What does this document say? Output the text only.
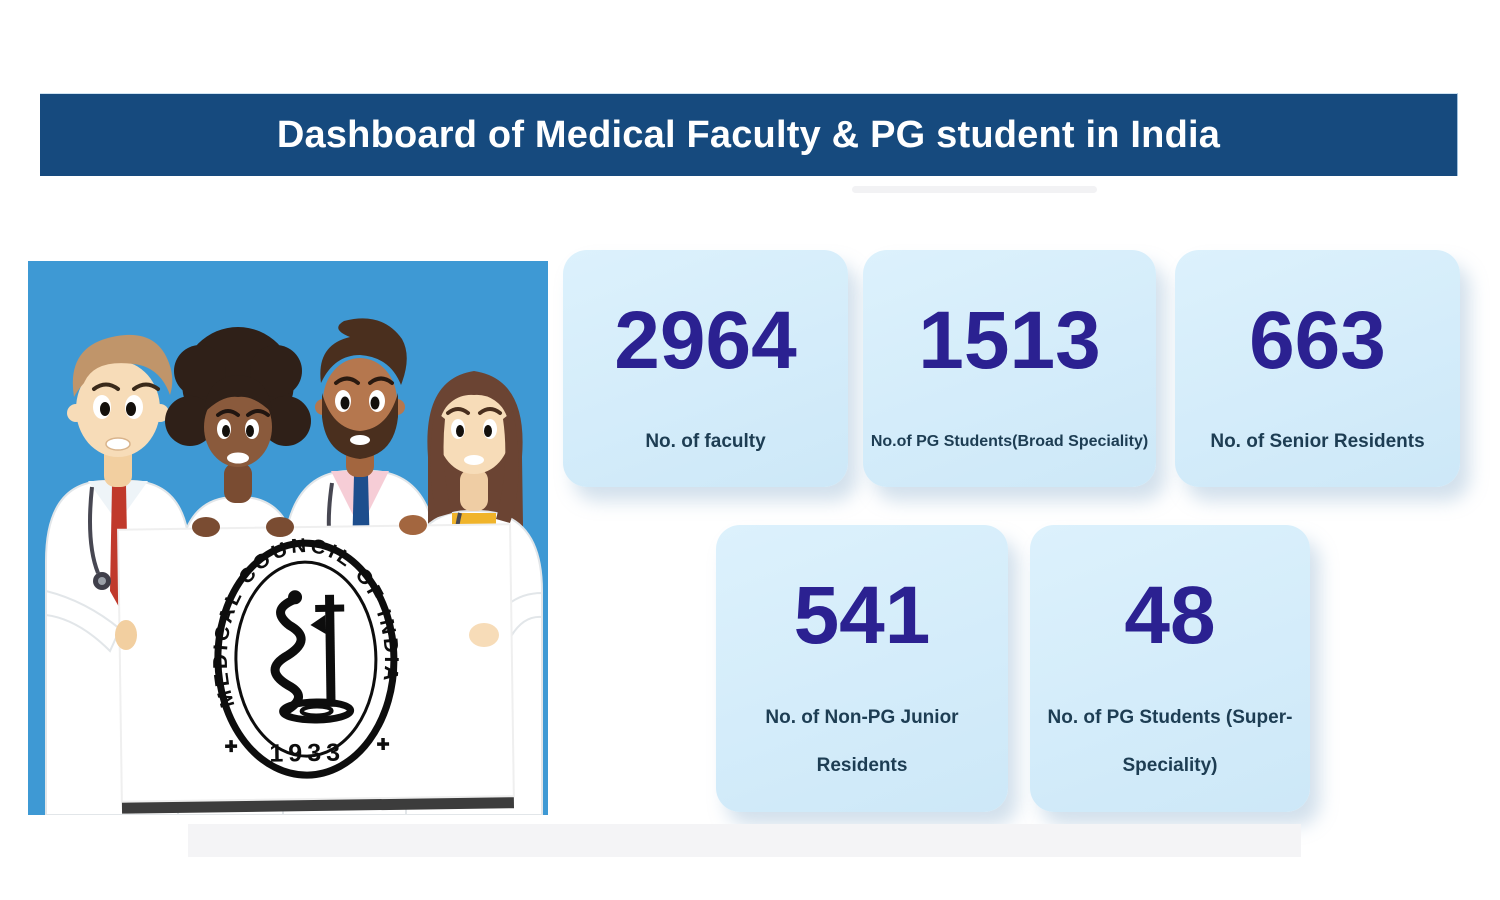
Dashboard of Medical Faculty & PG student in India
MEDICAL COUNCIL OF INDIA
1933
2964
No. of faculty
1513
No.of PG Students(Broad Speciality)
663
No. of Senior Residents
541
No. of Non-PG Junior Residents
48
No. of PG Students (Super-Speciality)
